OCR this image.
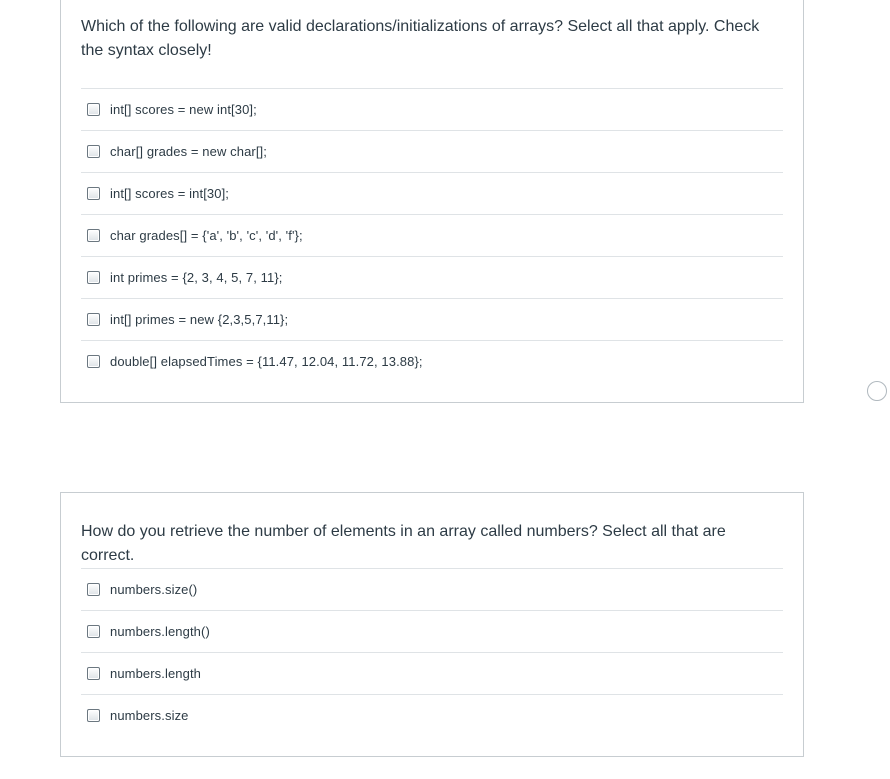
Which of the following are valid declarations/initializations of arrays? Select all that apply. Check the syntax closely!

int[] scores = new int[30];
char[] grades = new char[];
int[] scores = int[30];
char grades[] = {'a', 'b', 'c', 'd', 'f'};
int primes = {2, 3, 4, 5, 7, 11};
int[] primes = new {2,3,5,7,11};
double[] elapsedTimes = {11.47, 12.04, 11.72, 13.88};

How do you retrieve the number of elements in an array called numbers? Select all that are correct.

numbers.size()
numbers.length()
numbers.length
numbers.size
